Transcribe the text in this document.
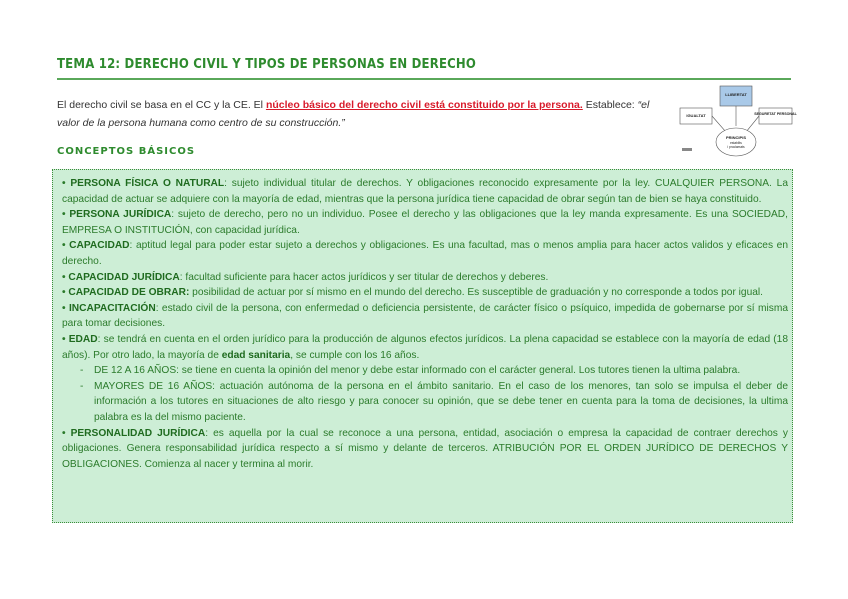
TEMA 12: DERECHO CIVIL Y TIPOS DE PERSONAS EN DERECHO
El derecho civil se basa en el CC y la CE. El núcleo básico del derecho civil está constituido por la persona. Establece: “el valor de la persona humana como centro de su construcción.”
LLIBERTAT
IGUALTAT	SEGURETAT PERSONAL
PRINCIPIS
establits
i proclamats
CONCEPTOS BÁSICOS

• PERSONA FÍSICA O NATURAL: sujeto individual titular de derechos. Y obligaciones reconocido expresamente por la ley. CUALQUIER PERSONA. La capacidad de actuar se adquiere con la mayoría de edad, mientras que la persona jurídica tiene capacidad de obrar según tan de bien se haya constituido.

• PERSONA JURÍDICA: sujeto de derecho, pero no un individuo. Posee el derecho y las obligaciones que la ley manda expresamente. Es una SOCIEDAD, EMPRESA O INSTITUCIÓN, con capacidad jurídica.

• CAPACIDAD: aptitud legal para poder estar sujeto a derechos y obligaciones. Es una facultad, mas o menos amplia para hacer actos validos y eficaces en derecho.

• CAPACIDAD JURÍDICA: facultad suficiente para hacer actos jurídicos y ser titular de derechos y deberes.

• CAPACIDAD DE OBRAR: posibilidad de actuar por sí mismo en el mundo del derecho. Es susceptible de graduación y no corresponde a todos por igual.

• INCAPACITACIÓN: estado civil de la persona, con enfermedad o deficiencia persistente, de carácter físico o psíquico, impedida de gobernarse por sí misma para tomar decisiones.

• EDAD: se tendrá en cuenta en el orden jurídico para la producción de algunos efectos jurídicos. La plena capacidad se establece con la mayoría de edad (18 años). Por otro lado, la mayoría de edad sanitaria, se cumple con los 16 años.

- DE 12 A 16 AÑOS: se tiene en cuenta la opinión del menor y debe estar informado con el carácter general. Los tutores tienen la ultima palabra.

- MAYORES DE 16 AÑOS: actuación autónoma de la persona en el ámbito sanitario. En el caso de los menores, tan solo se impulsa el deber de información a los tutores en situaciones de alto riesgo y para conocer su opinión, que se debe tener en cuenta para la toma de decisiones, la ultima palabra es la del mismo paciente.

• PERSONALIDAD JURÍDICA: es aquella por la cual se reconoce a una persona, entidad, asociación o empresa la capacidad de contraer derechos y obligaciones. Genera responsabilidad jurídica respecto a sí mismo y delante de terceros. ATRIBUCIÓN POR EL ORDEN JURÍDICO DE DERECHOS Y OBLIGACIONES. Comienza al nacer y termina al morir.
